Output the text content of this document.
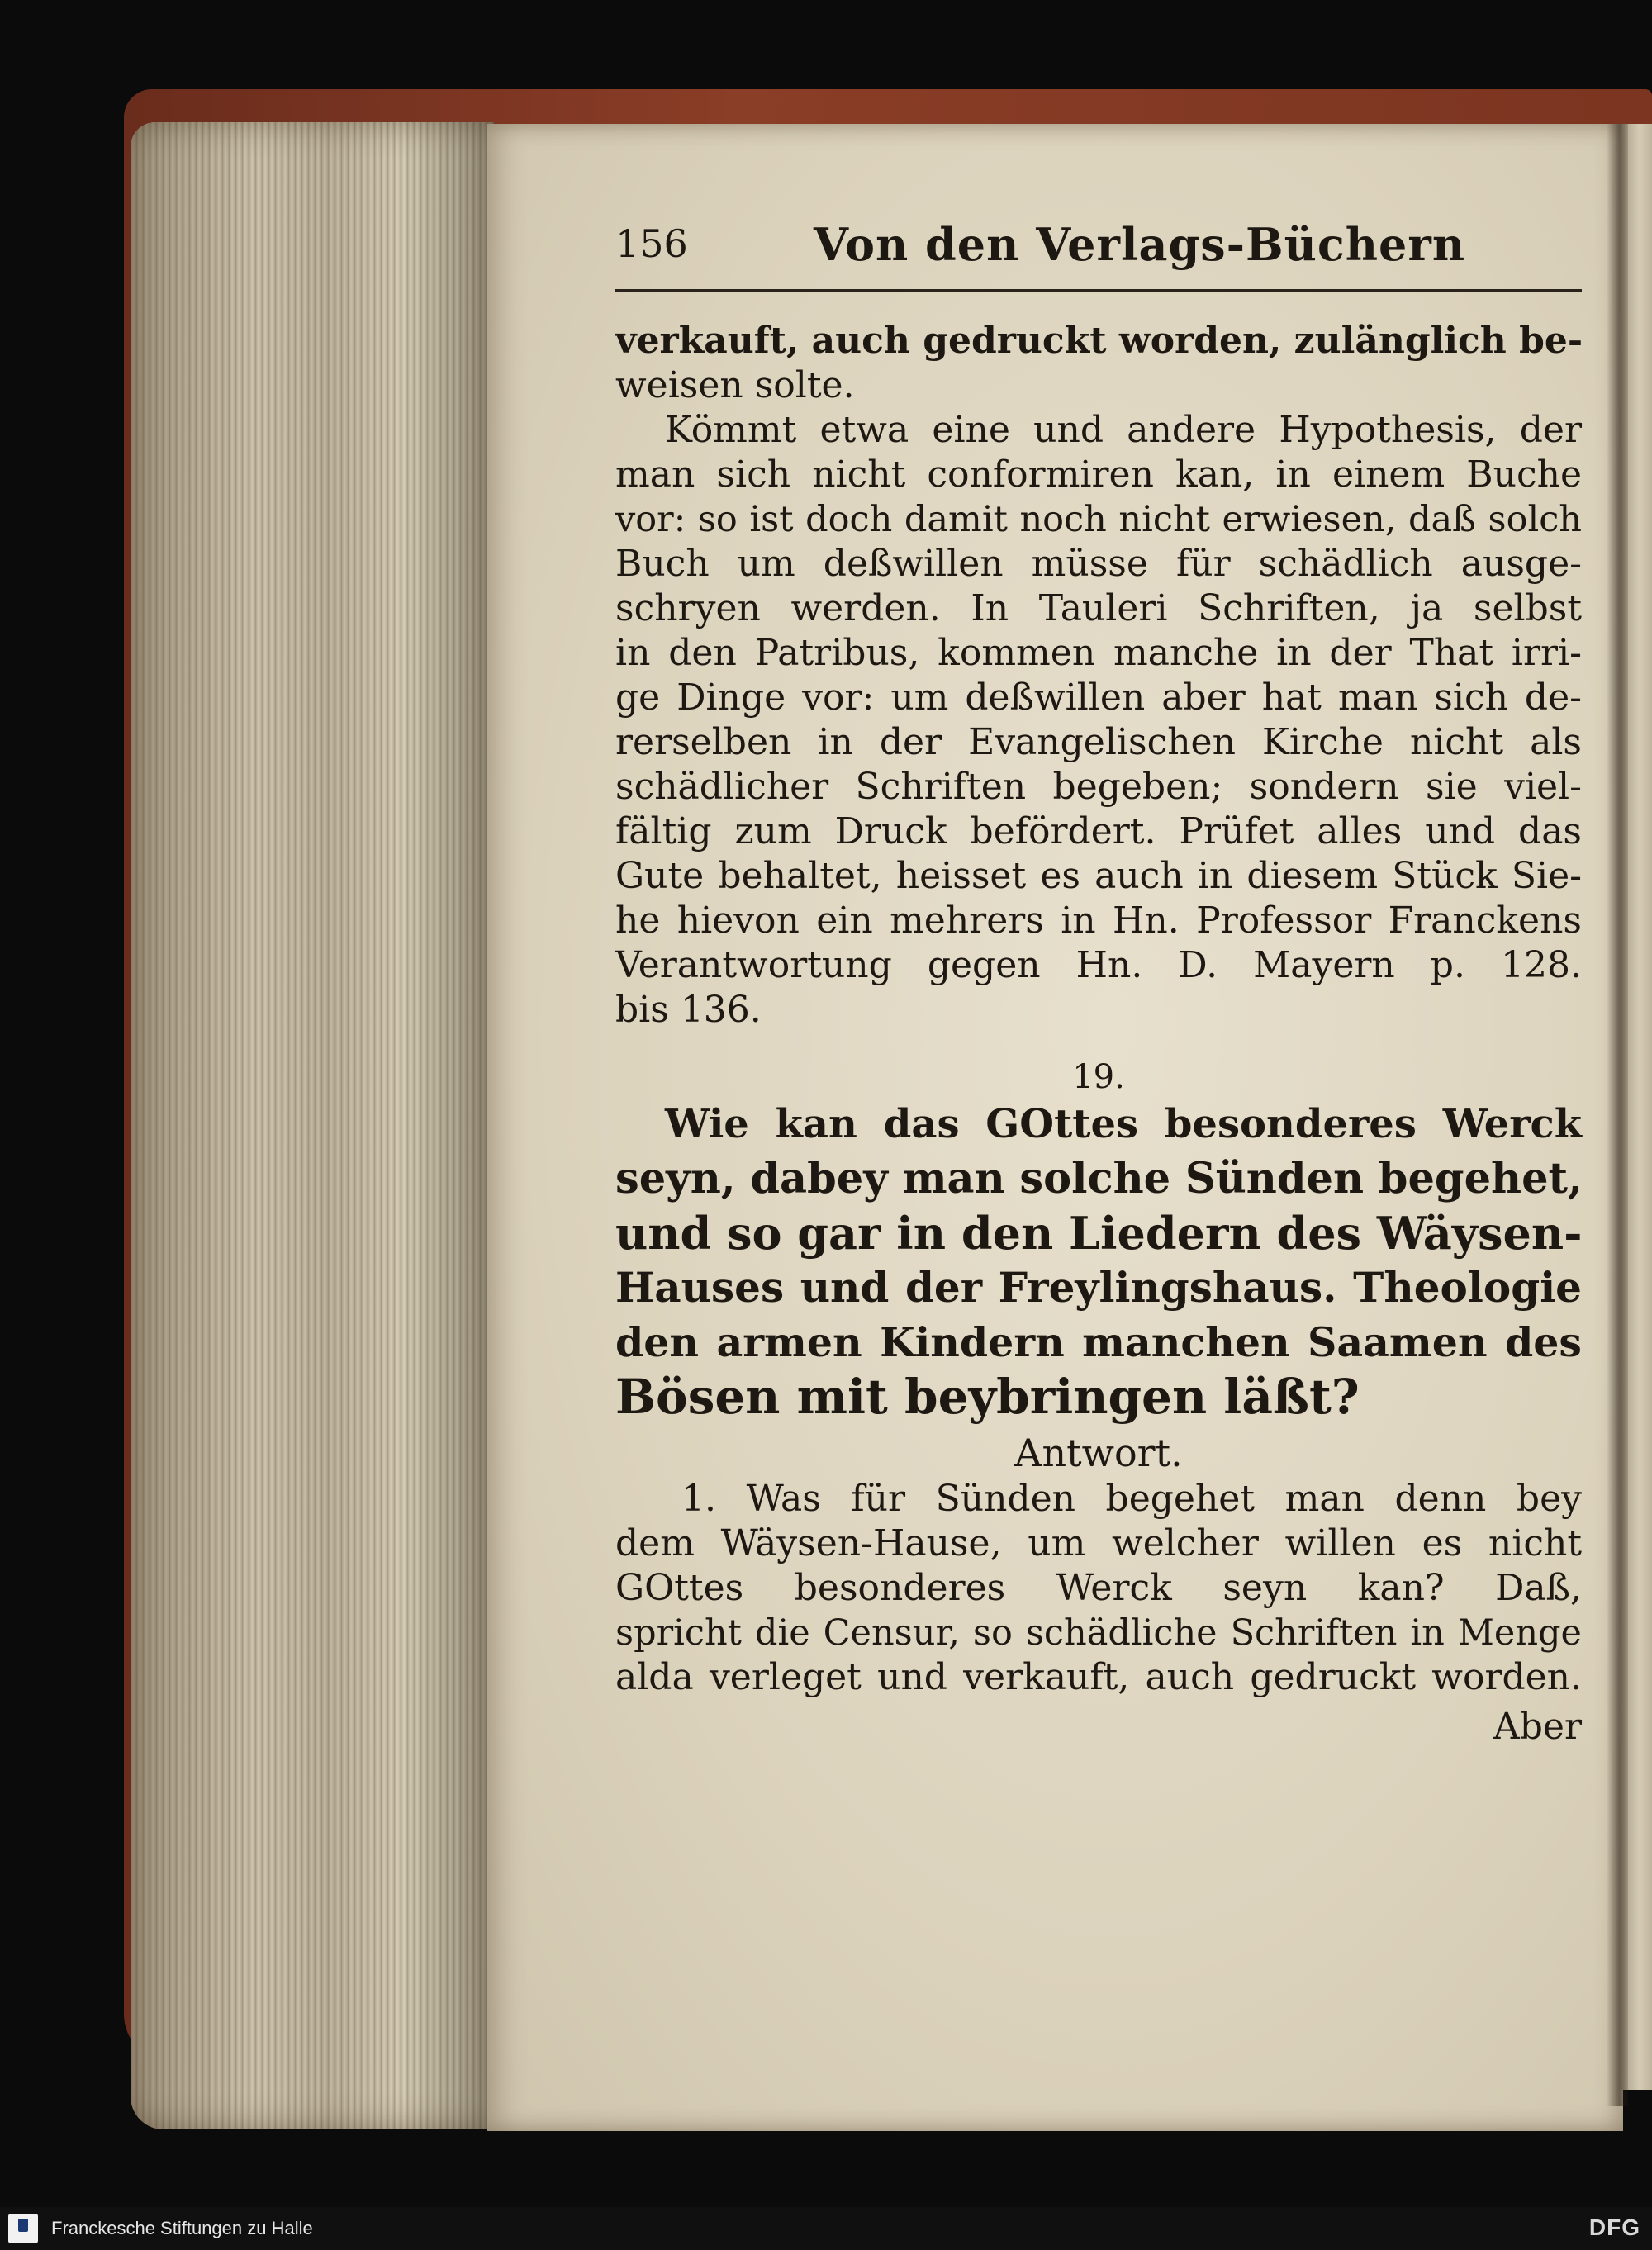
156	Von den Verlags-Büchern
verkauft, auch gedruckt worden, zulänglich be-
weisen solte.
Kömmt etwa eine und andere Hypothesis, der
man sich nicht conformiren kan, in einem Buche
vor: so ist doch damit noch nicht erwiesen, daß solch
Buch um deßwillen müsse für schädlich ausge-
schryen werden. In Tauleri Schriften, ja selbst
in den Patribus, kommen manche in der That irri-
ge Dinge vor: um deßwillen aber hat man sich de-
rerselben in der Evangelischen Kirche nicht als
schädlicher Schriften begeben; sondern sie viel-
fältig zum Druck befördert. Prüfet alles und das
Gute behaltet, heisset es auch in diesem Stück Sie-
he hievon ein mehrers in Hn. Professor Franckens
Verantwortung gegen Hn. D. Mayern p. 128.
bis 136.
19.
Wie kan das GOttes besonderes Werck
seyn, dabey man solche Sünden begehet,
und so gar in den Liedern des Wäysen-
Hauses und der Freylingshaus. Theologie
den armen Kindern manchen Saamen des
Bösen mit beybringen läßt?
Antwort.
1. Was für Sünden begehet man denn bey
dem Wäysen-Hause, um welcher willen es nicht
GOttes besonderes Werck seyn kan? Daß,
spricht die Censur, so schädliche Schriften in Menge
alda verleget und verkauft, auch gedruckt worden.
Aber
Franckesche Stiftungen zu Halle	DFG
